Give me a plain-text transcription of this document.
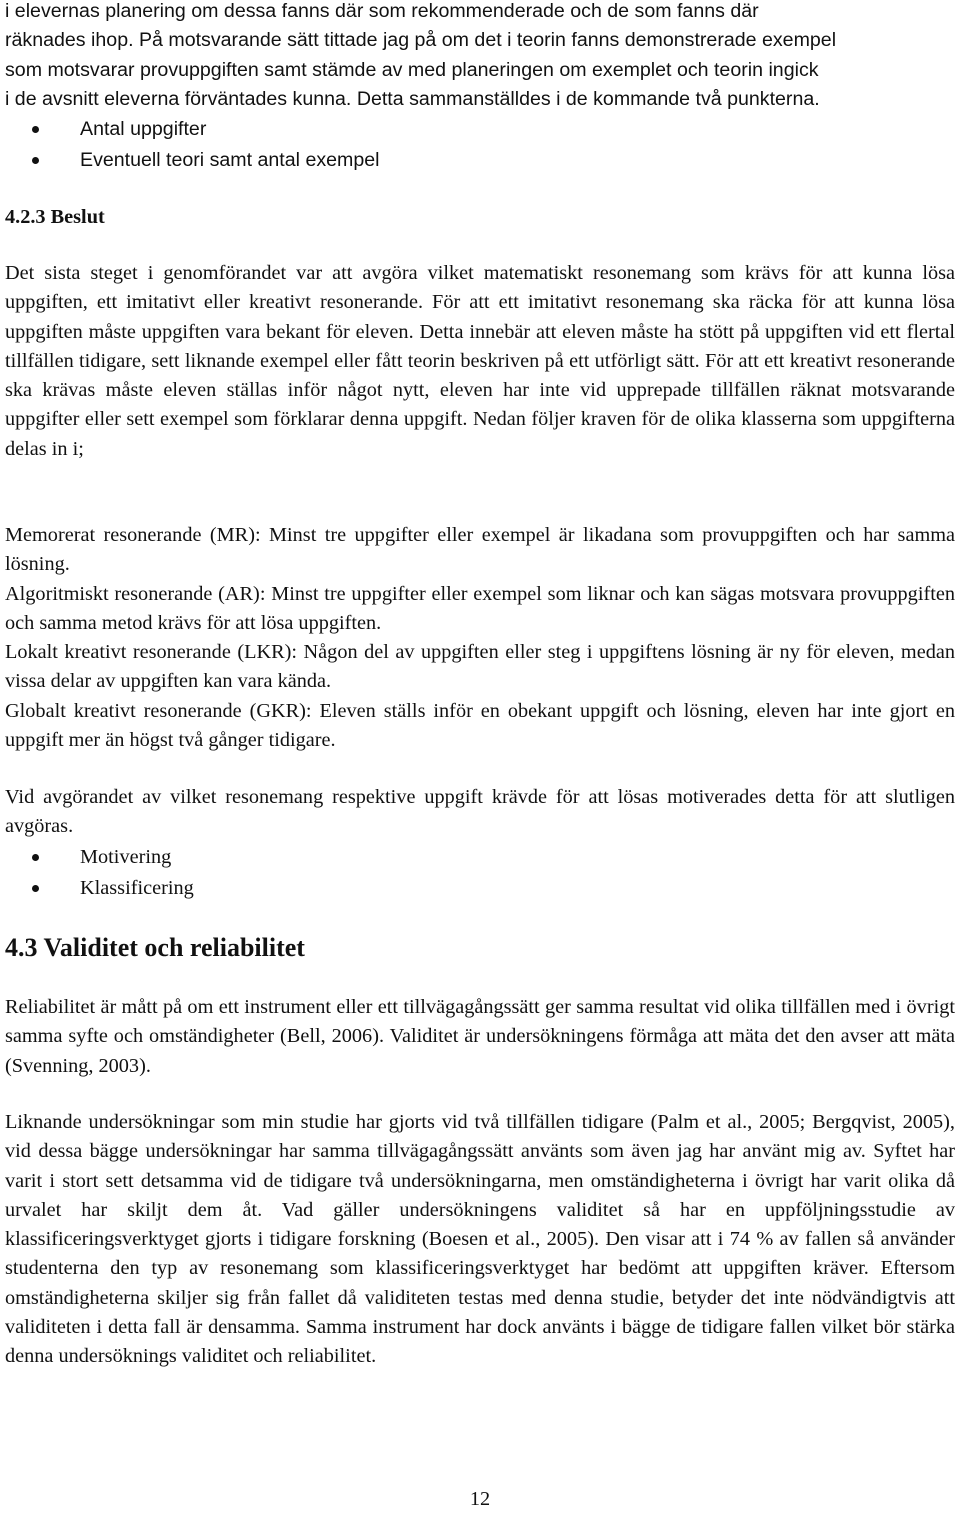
i elevernas planering om dessa fanns där som rekommenderade och de som fanns där

räknades ihop. På motsvarande sätt tittade jag på om det i teorin fanns demonstrerade exempel

som motsvarar provuppgiften samt stämde av med planeringen om exemplet och teorin ingick

i de avsnitt eleverna förväntades kunna. Detta sammanställdes i de kommande två punkterna.

Antal uppgifter
Eventuell teori samt antal exempel
4.2.3 Beslut

Det sista steget i genomförandet var att avgöra vilket matematiskt resonemang som krävs för att kunna lösa uppgiften, ett imitativt eller kreativt resonerande. För att ett imitativt resonemang ska räcka för att kunna lösa uppgiften måste uppgiften vara bekant för eleven. Detta innebär att eleven måste ha stött på uppgiften vid ett flertal tillfällen tidigare, sett liknande exempel eller fått teorin beskriven på ett utförligt sätt. För att ett kreativt resonerande ska krävas måste eleven ställas inför något nytt, eleven har inte vid upprepade tillfällen räknat motsvarande uppgifter eller sett exempel som förklarar denna uppgift. Nedan följer kraven för de olika klasserna som uppgifterna delas in i;

Memorerat resonerande (MR): Minst tre uppgifter eller exempel är likadana som provuppgiften och har samma lösning.

Algoritmiskt resonerande (AR): Minst tre uppgifter eller exempel som liknar och kan sägas motsvara provuppgiften och samma metod krävs för att lösa uppgiften.

Lokalt kreativt resonerande (LKR): Någon del av uppgiften eller steg i uppgiftens lösning är ny för eleven, medan vissa delar av uppgiften kan vara kända.

Globalt kreativt resonerande (GKR): Eleven ställs inför en obekant uppgift och lösning, eleven har inte gjort en uppgift mer än högst två gånger tidigare.

Vid avgörandet av vilket resonemang respektive uppgift krävde för att lösas motiverades detta för att slutligen avgöras.

Motivering
Klassificering
4.3 Validitet och reliabilitet

Reliabilitet är mått på om ett instrument eller ett tillvägagångssätt ger samma resultat vid olika tillfällen med i övrigt samma syfte och omständigheter (Bell, 2006). Validitet är undersökningens förmåga att mäta det den avser att mäta (Svenning, 2003).

Liknande undersökningar som min studie har gjorts vid två tillfällen tidigare (Palm et al., 2005; Bergqvist, 2005), vid dessa bägge undersökningar har samma tillvägagångssätt använts som även jag har använt mig av. Syftet har varit i stort sett detsamma vid de tidigare två undersökningarna, men omständigheterna i övrigt har varit olika då urvalet har skiljt dem åt. Vad gäller undersökningens validitet så har en uppföljningsstudie av klassificeringsverktyget gjorts i tidigare forskning (Boesen et al., 2005). Den visar att i 74 % av fallen så använder studenterna den typ av resonemang som klassificeringsverktyget har bedömt att uppgiften kräver. Eftersom omständigheterna skiljer sig från fallet då validiteten testas med denna studie, betyder det inte nödvändigtvis att validiteten i detta fall är densamma. Samma instrument har dock använts i bägge de tidigare fallen vilket bör stärka denna undersöknings validitet och reliabilitet.

12
